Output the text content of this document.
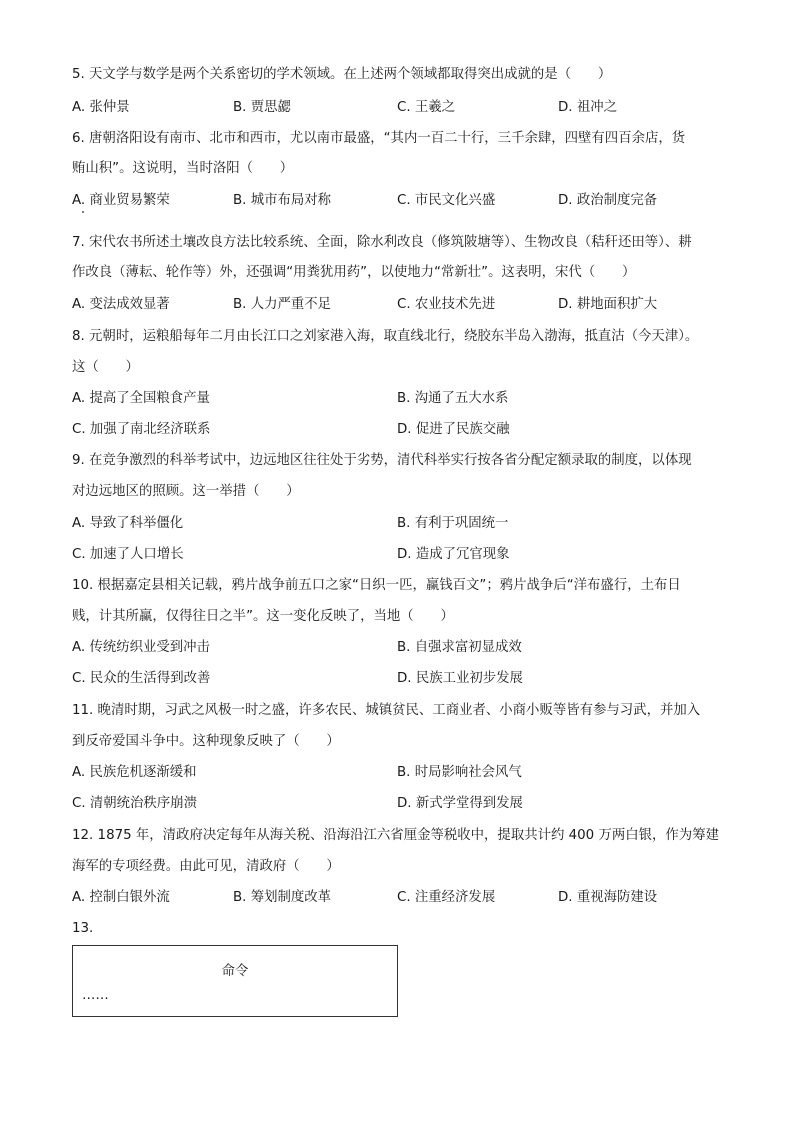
5. 天文学与数学是两个关系密切的学术领域。在上述两个领域都取得突出成就的是（　　）
A. 张仲景	B. 贾思勰	C. 王羲之	D. 祖冲之
6. 唐朝洛阳设有南市、北市和西市，尤以南市最盛，“其内一百二十行，三千余肆，四壁有四百余店，货
贿山积”。这说明，当时洛阳（　　）
A. 商业贸易繁荣	B. 城市布局对称	C. 市民文化兴盛	D. 政治制度完备
7. 宋代农书所述土壤改良方法比较系统、全面，除水利改良（修筑陂塘等）、生物改良（秸秆还田等）、耕
作改良（薄耘、轮作等）外，还强调“用粪犹用药”，以使地力“常新壮”。这表明，宋代（　　）
A. 变法成效显著	B. 人力严重不足	C. 农业技术先进	D. 耕地面积扩大
8. 元朝时，运粮船每年二月由长江口之刘家港入海，取直线北行，绕胶东半岛入渤海，抵直沽（今天津）。
这（　　）
A. 提高了全国粮食产量	B. 沟通了五大水系
C. 加强了南北经济联系	D. 促进了民族交融
9. 在竞争激烈的科举考试中，边远地区往往处于劣势，清代科举实行按各省分配定额录取的制度，以体现
对边远地区的照顾。这一举措（　　）
A. 导致了科举僵化	B. 有利于巩固统一
C. 加速了人口增长	D. 造成了冗官现象
10. 根据嘉定县相关记载，鸦片战争前五口之家“日织一匹，赢钱百文”；鸦片战争后“洋布盛行，土布日
贱，计其所赢，仅得往日之半”。这一变化反映了，当地（　　）
A. 传统纺织业受到冲击	B. 自强求富初显成效
C. 民众的生活得到改善	D. 民族工业初步发展
11. 晚清时期，习武之风极一时之盛，许多农民、城镇贫民、工商业者、小商小贩等皆有参与习武，并加入
到反帝爱国斗争中。这种现象反映了（　　）
A. 民族危机逐渐缓和	B. 时局影响社会风气
C. 清朝统治秩序崩溃	D. 新式学堂得到发展
12. 1875 年，清政府决定每年从海关税、沿海沿江六省厘金等税收中，提取共计约 400 万两白银，作为筹建
海军的专项经费。由此可见，清政府（　　）
A. 控制白银外流	B. 筹划制度改革	C. 注重经济发展	D. 重视海防建设
13.
命令
……
